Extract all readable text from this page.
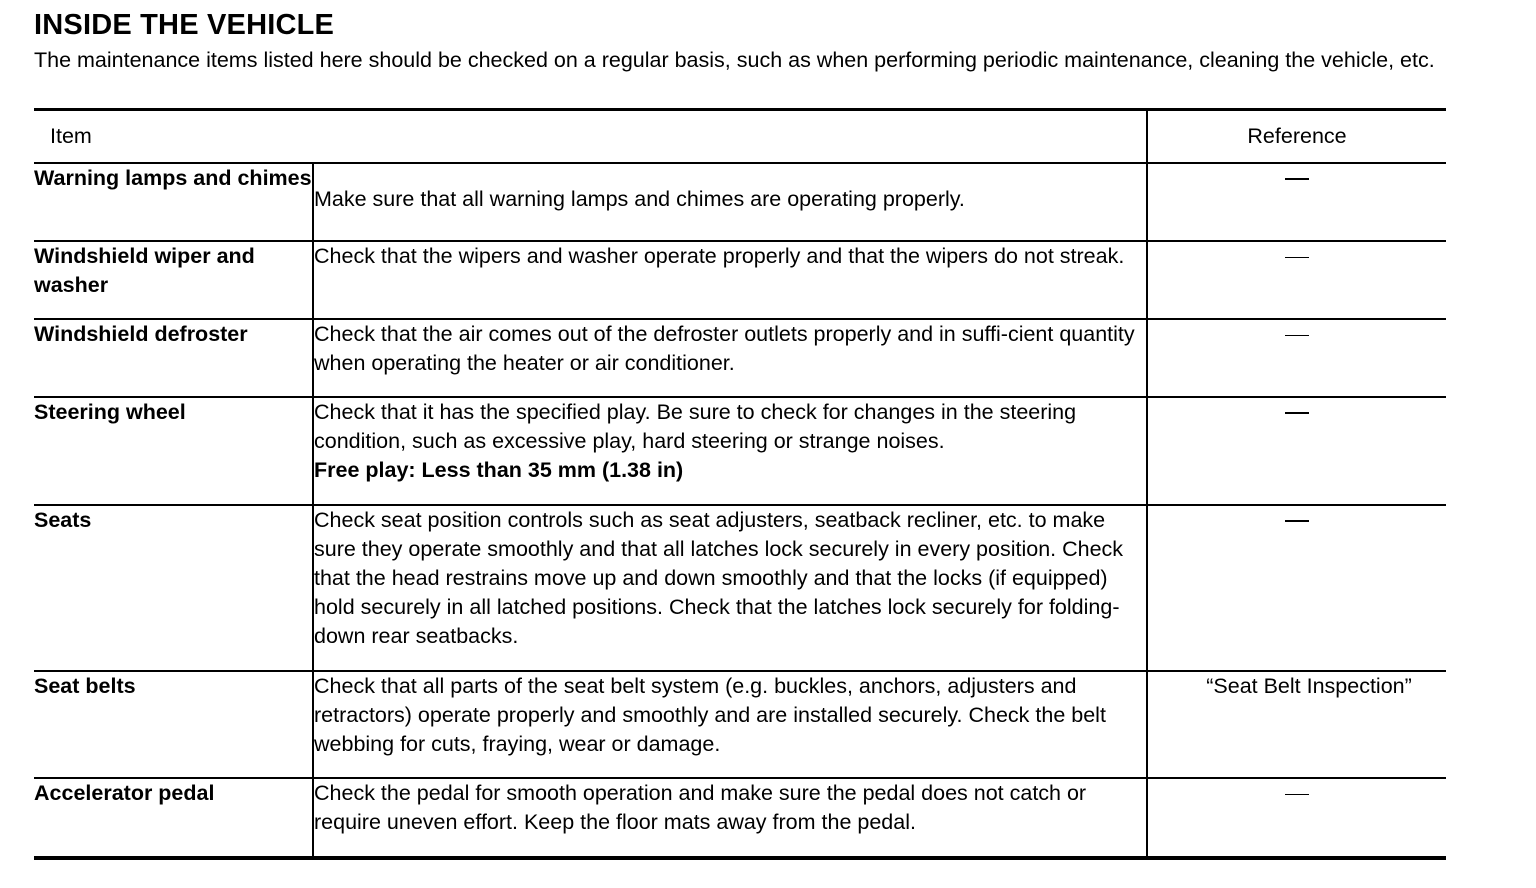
INSIDE THE VEHICLE

The maintenance items listed here should be checked on a regular basis, such as when performing periodic maintenance, cleaning the vehicle, etc.

Item		Reference
Warning lamps and chimes	Make sure that all warning lamps and chimes are operating properly.	
Windshield wiper and washer	Check that the wipers and washer operate properly and that the wipers do not streak.	
Windshield defroster	Check that the air comes out of the defroster outlets properly and in suffi-cient quantity when operating the heater or air conditioner.	
Steering wheel	Check that it has the specified play. Be sure to check for changes in the steering condition, such as excessive play, hard steering or strange noises.
Free play: Less than 35 mm (1.38 in)	
Seats	Check seat position controls such as seat adjusters, seatback recliner, etc. to make sure they operate smoothly and that all latches lock securely in every position. Check that the head restrains move up and down smoothly and that the locks (if equipped) hold securely in all latched positions. Check that the latches lock securely for folding-down rear seatbacks.	
Seat belts	Check that all parts of the seat belt system (e.g. buckles, anchors, adjusters and retractors) operate properly and smoothly and are installed securely. Check the belt webbing for cuts, fraying, wear or damage.	“Seat Belt Inspection”
Accelerator pedal	Check the pedal for smooth operation and make sure the pedal does not catch or require uneven effort. Keep the floor mats away from the pedal.	
